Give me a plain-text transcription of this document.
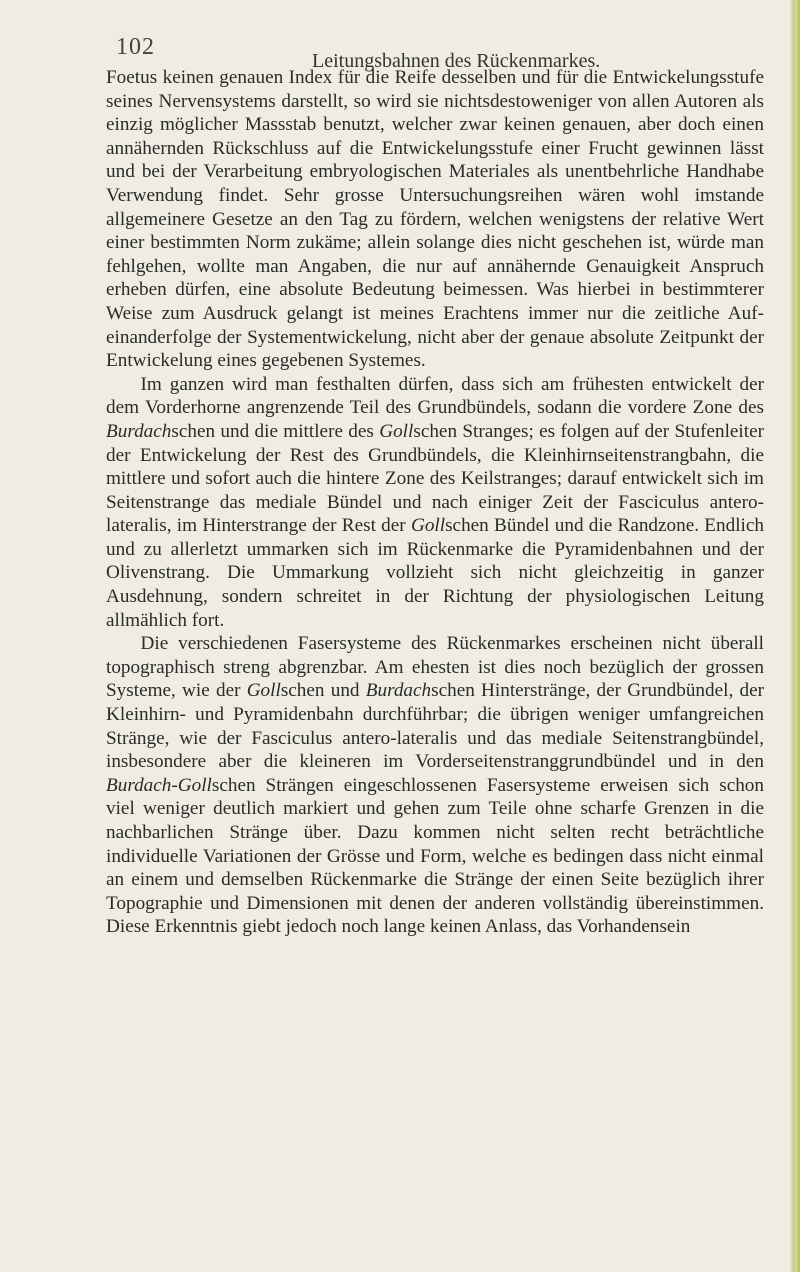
102
Leitungsbahnen des Rückenmarkes.

Foetus keinen genauen Index für die Reife desselben und für die Entwickelungsstufe seines Nervensystems darstellt, so wird sie nichtsdestoweniger von allen Autoren als einzig möglicher Massstab benutzt, welcher zwar keinen genauen, aber doch einen annähernden Rückschluss auf die Entwickelungsstufe einer Frucht gewinnen lässt und bei der Verarbeitung embryologischen Materiales als unentbehrliche Handhabe Verwendung findet. Sehr grosse Untersuchungsreihen wären wohl imstande allgemeinere Gesetze an den Tag zu fördern, welchen wenigstens der relative Wert einer bestimmten Norm zukäme; allein solange dies nicht geschehen ist, würde man fehlgehen, wollte man Angaben, die nur auf annähernde Genauigkeit Anspruch erheben dürfen, eine absolute Bedeutung beimessen. Was hierbei in bestimmterer Weise zum Ausdruck gelangt ist meines Erachtens immer nur die zeitliche Auf-einanderfolge der Systementwickelung, nicht aber der genaue absolute Zeitpunkt der Entwickelung eines gegebenen Systemes.

Im ganzen wird man festhalten dürfen, dass sich am frühesten entwickelt der dem Vorderhorne angrenzende Teil des Grundbündels, sodann die vordere Zone des Burdachschen und die mittlere des Gollschen Stranges; es folgen auf der Stufenleiter der Entwickelung der Rest des Grundbündels, die Kleinhirnseitenstrangbahn, die mittlere und sofort auch die hintere Zone des Keilstranges; darauf entwickelt sich im Seitenstrange das mediale Bündel und nach einiger Zeit der Fasciculus antero-lateralis, im Hinterstrange der Rest der Gollschen Bündel und die Randzone. Endlich und zu allerletzt ummarken sich im Rückenmarke die Pyramidenbahnen und der Olivenstrang. Die Ummarkung vollzieht sich nicht gleichzeitig in ganzer Ausdehnung, sondern schreitet in der Richtung der physiologischen Leitung allmählich fort.

Die verschiedenen Fasersysteme des Rückenmarkes erscheinen nicht überall topographisch streng abgrenzbar. Am ehesten ist dies noch bezüglich der grossen Systeme, wie der Gollschen und Burdachschen Hinterstränge, der Grundbündel, der Kleinhirn- und Pyramidenbahn durchführbar; die übrigen weniger umfangreichen Stränge, wie der Fasciculus antero-lateralis und das mediale Seitenstrangbündel, insbesondere aber die kleineren im Vorderseitenstranggrundbündel und in den Burdach-Gollschen Strängen eingeschlossenen Fasersysteme erweisen sich schon viel weniger deutlich markiert und gehen zum Teile ohne scharfe Grenzen in die nachbarlichen Stränge über. Dazu kommen nicht selten recht beträchtliche individuelle Variationen der Grösse und Form, welche es bedingen dass nicht einmal an einem und demselben Rückenmarke die Stränge der einen Seite bezüglich ihrer Topographie und Dimensionen mit denen der anderen vollständig übereinstimmen. Diese Erkenntnis giebt jedoch noch lange keinen Anlass, das Vorhandensein
